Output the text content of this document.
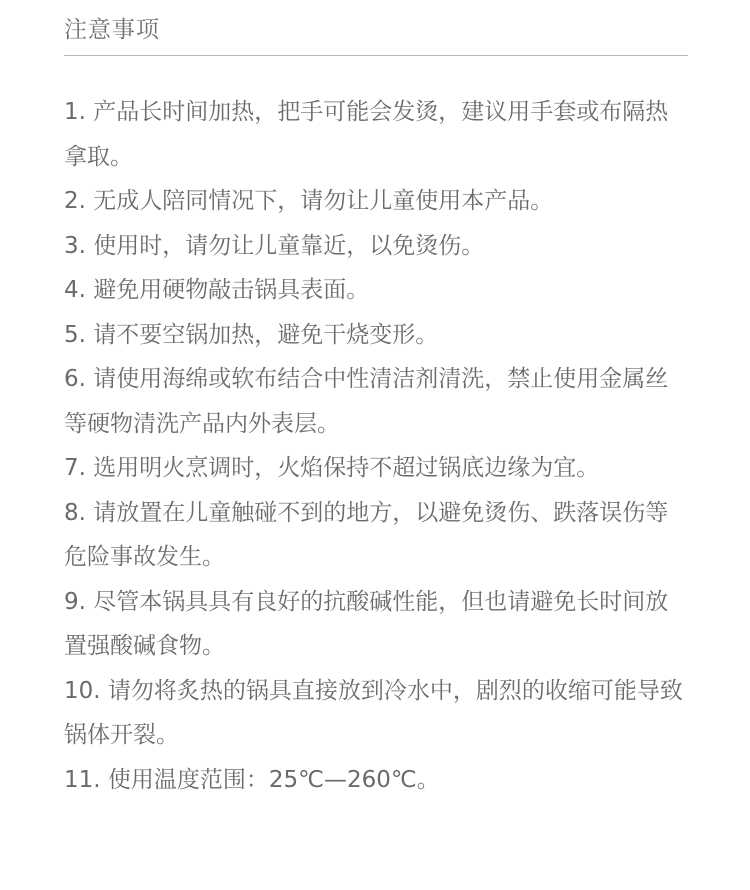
注意事项
1. 产品长时间加热，把手可能会发烫，建议用手套或布隔热拿取。
2. 无成人陪同情况下，请勿让儿童使用本产品。
3. 使用时，请勿让儿童靠近，以免烫伤。
4. 避免用硬物敲击锅具表面。
5. 请不要空锅加热，避免干烧变形。
6. 请使用海绵或软布结合中性清洁剂清洗，禁止使用金属丝等硬物清洗产品内外表层。
7. 选用明火烹调时，火焰保持不超过锅底边缘为宜。
8. 请放置在儿童触碰不到的地方，以避免烫伤、跌落误伤等危险事故发生。
9. 尽管本锅具具有良好的抗酸碱性能，但也请避免长时间放置强酸碱食物。
10. 请勿将炙热的锅具直接放到冷水中，剧烈的收缩可能导致锅体开裂。
11. 使用温度范围：25℃—260℃。
